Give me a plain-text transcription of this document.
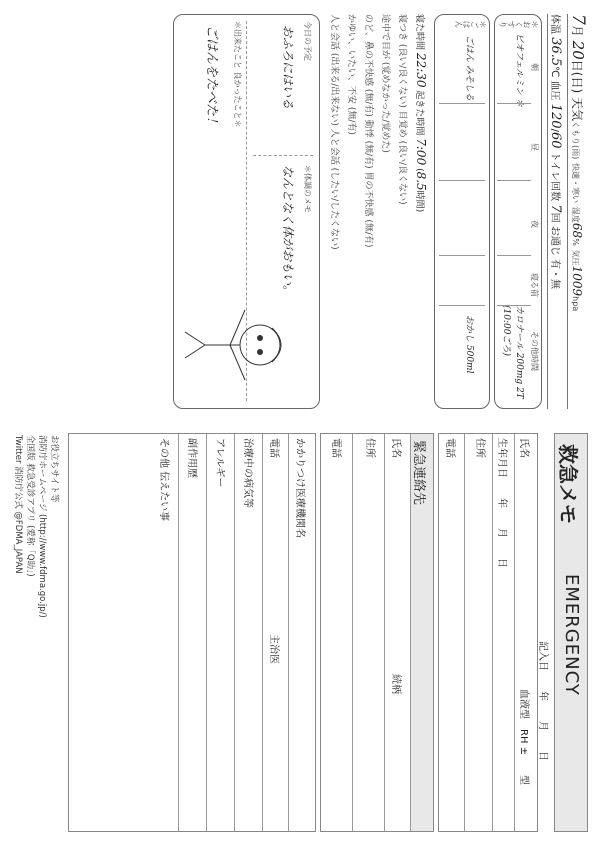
7月 20日(日) 天気くもり(雨) 快適・寒い 湿度68% 気圧1009hpa
体温 36.5℃ 血圧 120/60 トイレ回数 7回 お通じ 有・無
＊おくすり
朝
昼
夜
寝る前
その他時間
ビオフェルミン ＊
カロナール 200mg 2T (10:00ごろ)
＊ごはん
ごはん みそしる
おかし 500ml
寝た時間 22:30 起きた時間 7:00 (8.5時間)
寝つき (良い/良くない) 目覚め (良い/良くない)
途中で目が (覚めなかった/覚めた)
のど、鼻の不快感 (無/有) 動悸 (無/有) 胃の不快感 (無/有)
かゆい、いたい、不安 (無/有)
人と会話 (出来る/出来ない) 人と会話 (したい/したくない)
今日の予定
おふろにはいる
＊体調のメモ
なんとなく体がおもい。
＊出来たこと 良かったこと＊
ごはんをたべた！
救急メモ
EMERGENCY
記入日　　年　　月　　日
氏名
血液型　RH ±　　型
生年月日　　年　　月　　日
住所
電話
緊急連絡先
氏名
続柄
住所
電話
かかりつけ医療機関名
電話
主治医
治療中の病気等
アレルギー
副作用歴
その他 伝えたい事
お役立ちサイト等
消防庁ホームページ (http://www.fdma.go.jp/)
全国版 救急受診アプリ (愛称「Q助」)
Twitter 消防庁公式 @FDMA_JAPAN
